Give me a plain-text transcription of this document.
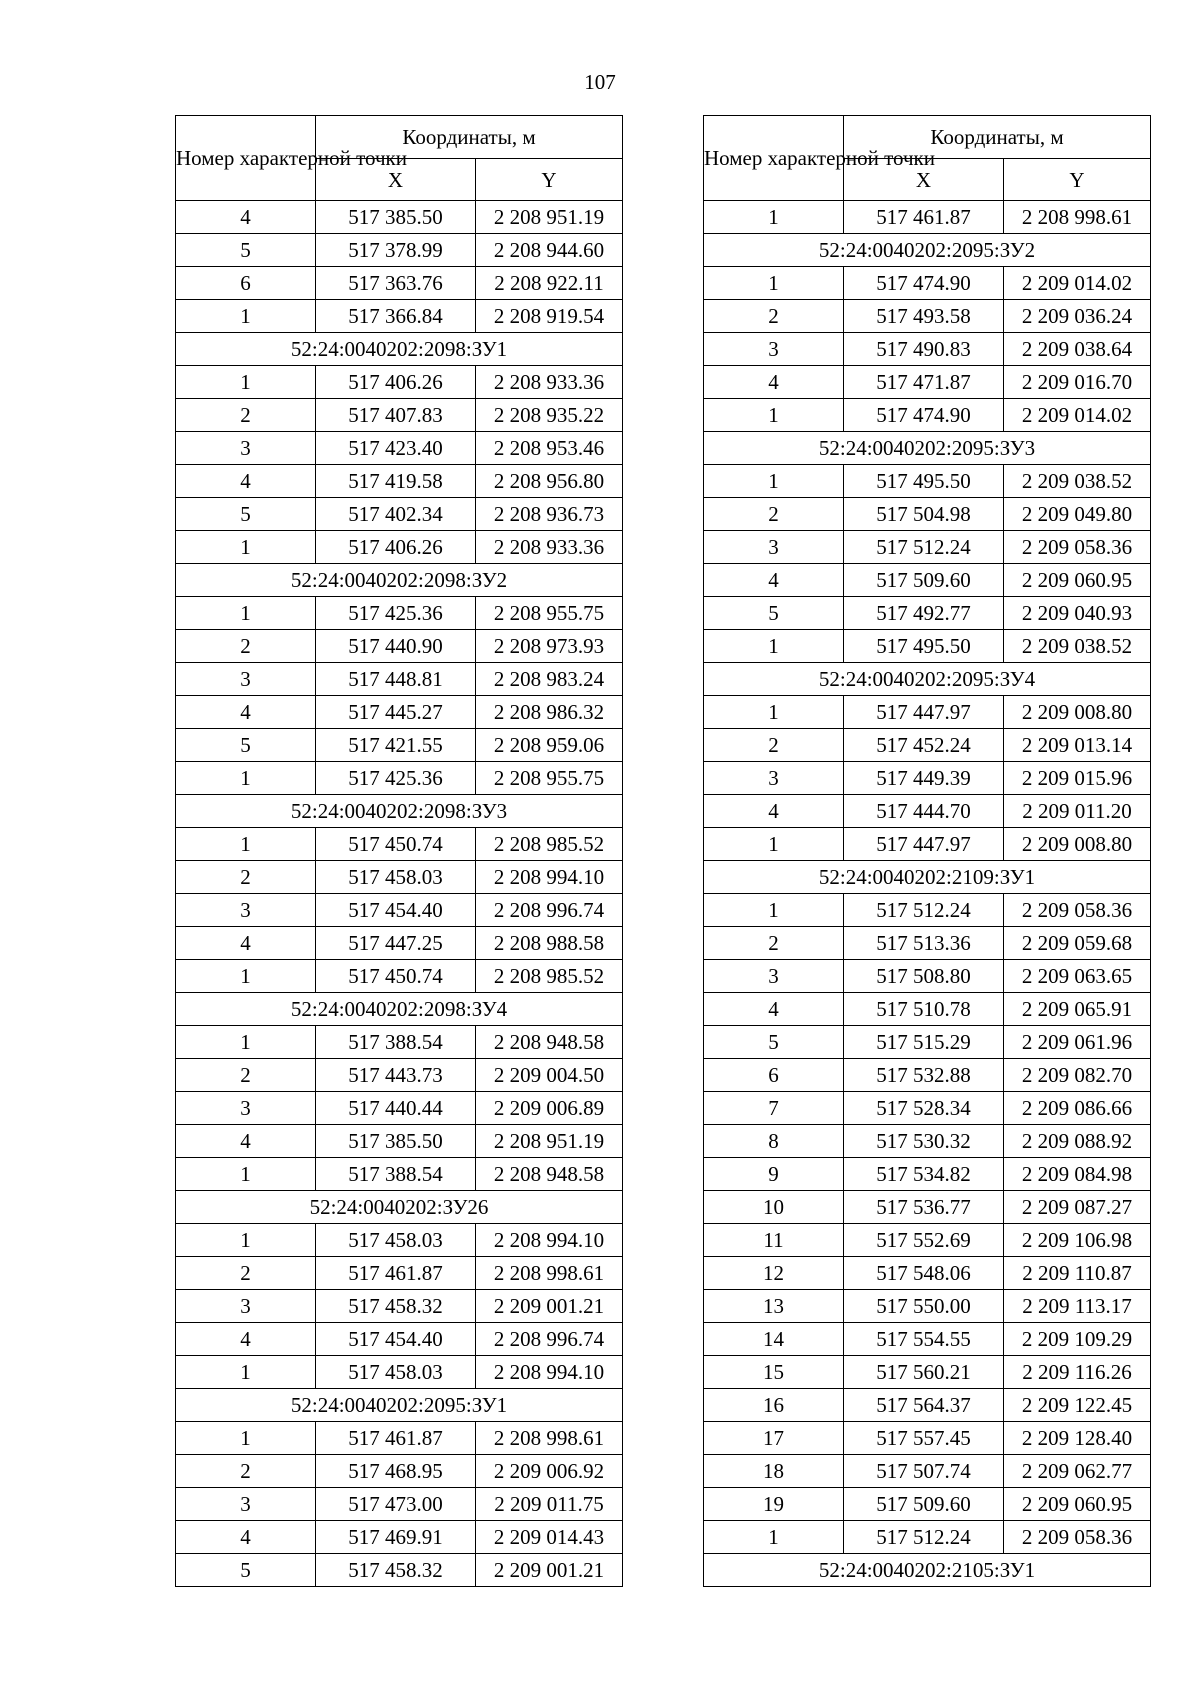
107
Номер характерной точки	Координаты, м	
	X	Y
4	517 385.50	2 208 951.19
5	517 378.99	2 208 944.60
6	517 363.76	2 208 922.11
1	517 366.84	2 208 919.54
52:24:0040202:2098:ЗУ1		
1	517 406.26	2 208 933.36
2	517 407.83	2 208 935.22
3	517 423.40	2 208 953.46
4	517 419.58	2 208 956.80
5	517 402.34	2 208 936.73
1	517 406.26	2 208 933.36
52:24:0040202:2098:ЗУ2		
1	517 425.36	2 208 955.75
2	517 440.90	2 208 973.93
3	517 448.81	2 208 983.24
4	517 445.27	2 208 986.32
5	517 421.55	2 208 959.06
1	517 425.36	2 208 955.75
52:24:0040202:2098:ЗУ3		
1	517 450.74	2 208 985.52
2	517 458.03	2 208 994.10
3	517 454.40	2 208 996.74
4	517 447.25	2 208 988.58
1	517 450.74	2 208 985.52
52:24:0040202:2098:ЗУ4		
1	517 388.54	2 208 948.58
2	517 443.73	2 209 004.50
3	517 440.44	2 209 006.89
4	517 385.50	2 208 951.19
1	517 388.54	2 208 948.58
52:24:0040202:ЗУ26		
1	517 458.03	2 208 994.10
2	517 461.87	2 208 998.61
3	517 458.32	2 209 001.21
4	517 454.40	2 208 996.74
1	517 458.03	2 208 994.10
52:24:0040202:2095:ЗУ1		
1	517 461.87	2 208 998.61
2	517 468.95	2 209 006.92
3	517 473.00	2 209 011.75
4	517 469.91	2 209 014.43
5	517 458.32	2 209 001.21
Номер характерной точки	Координаты, м	
	X	Y
1	517 461.87	2 208 998.61
52:24:0040202:2095:ЗУ2		
1	517 474.90	2 209 014.02
2	517 493.58	2 209 036.24
3	517 490.83	2 209 038.64
4	517 471.87	2 209 016.70
1	517 474.90	2 209 014.02
52:24:0040202:2095:ЗУ3		
1	517 495.50	2 209 038.52
2	517 504.98	2 209 049.80
3	517 512.24	2 209 058.36
4	517 509.60	2 209 060.95
5	517 492.77	2 209 040.93
1	517 495.50	2 209 038.52
52:24:0040202:2095:ЗУ4		
1	517 447.97	2 209 008.80
2	517 452.24	2 209 013.14
3	517 449.39	2 209 015.96
4	517 444.70	2 209 011.20
1	517 447.97	2 209 008.80
52:24:0040202:2109:ЗУ1		
1	517 512.24	2 209 058.36
2	517 513.36	2 209 059.68
3	517 508.80	2 209 063.65
4	517 510.78	2 209 065.91
5	517 515.29	2 209 061.96
6	517 532.88	2 209 082.70
7	517 528.34	2 209 086.66
8	517 530.32	2 209 088.92
9	517 534.82	2 209 084.98
10	517 536.77	2 209 087.27
11	517 552.69	2 209 106.98
12	517 548.06	2 209 110.87
13	517 550.00	2 209 113.17
14	517 554.55	2 209 109.29
15	517 560.21	2 209 116.26
16	517 564.37	2 209 122.45
17	517 557.45	2 209 128.40
18	517 507.74	2 209 062.77
19	517 509.60	2 209 060.95
1	517 512.24	2 209 058.36
52:24:0040202:2105:ЗУ1		
